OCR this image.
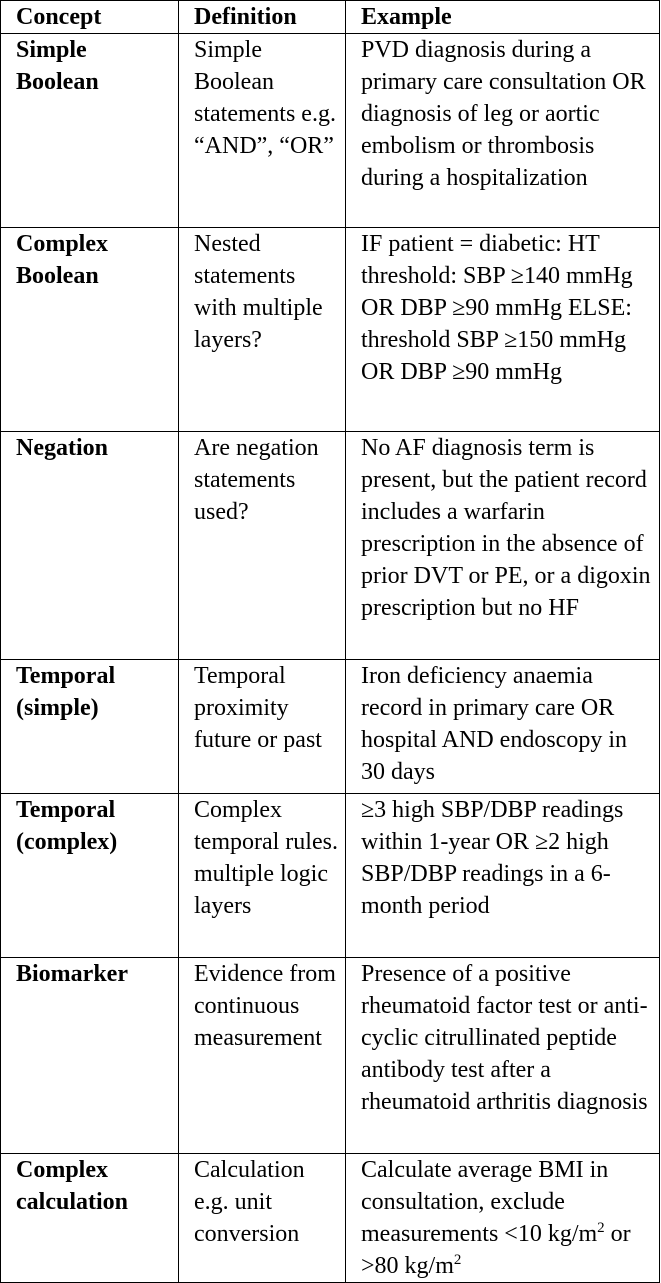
Concept	Definition	Example
Simple Boolean	Simple Boolean statements e.g. “AND”, “OR”	PVD diagnosis during a primary care consultation OR diagnosis of leg or aortic embolism or thrombosis during a hospitalization
Complex Boolean	Nested statements with multiple layers?	IF patient = diabetic: HT threshold: SBP ≥140 mmHg OR DBP ≥90 mmHg ELSE: threshold SBP ≥150 mmHg OR DBP ≥90 mmHg
Negation	Are negation statements used?	No AF diagnosis term is present, but the patient record includes a warfarin prescription in the absence of prior DVT or PE, or a digoxin prescription but no HF
Temporal (simple)	Temporal proximity future or past	Iron deficiency anaemia record in primary care OR hospital AND endoscopy in 30 days
Temporal (complex)	Complex temporal rules. multiple logic layers	≥3 high SBP/DBP readings within 1-year OR ≥2 high SBP/DBP readings in a 6-month period
Biomarker	Evidence from continuous measurement	Presence of a positive rheumatoid factor test or anti-cyclic citrullinated peptide antibody test after a rheumatoid arthritis diagnosis
Complex calculation	Calculation e.g. unit conversion	Calculate average BMI in consultation, exclude measurements <10 $kg/m^2$ or >80 $kg/m^2$
